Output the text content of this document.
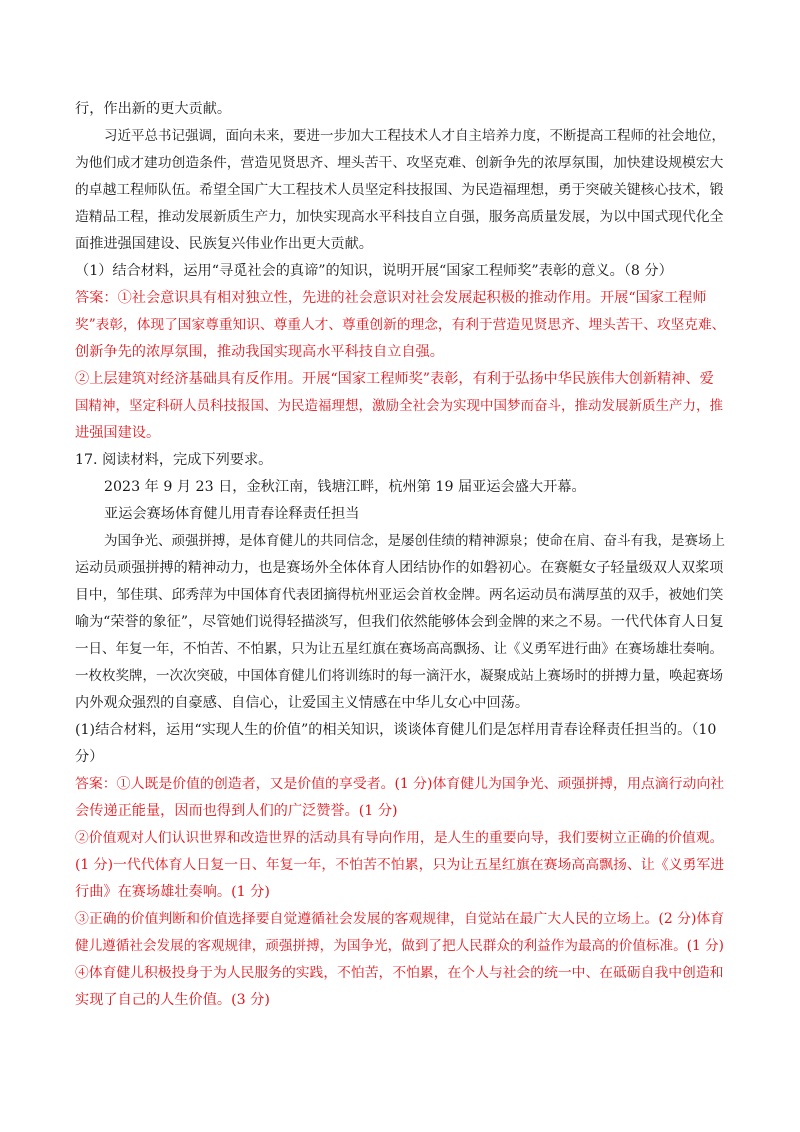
行，作出新的更大贡献。
习近平总书记强调，面向未来，要进一步加大工程技术人才自主培养力度，不断提高工程师的社会地位，
为他们成才建功创造条件，营造见贤思齐、埋头苦干、攻坚克难、创新争先的浓厚氛围，加快建设规模宏大
的卓越工程师队伍。希望全国广大工程技术人员坚定科技报国、为民造福理想，勇于突破关键核心技术，锻
造精品工程，推动发展新质生产力，加快实现高水平科技自立自强，服务高质量发展，为以中国式现代化全
面推进强国建设、民族复兴伟业作出更大贡献。
（1）结合材料，运用“寻觅社会的真谛”的知识，说明开展“国家工程师奖”表彰的意义。（8 分）
答案：①社会意识具有相对独立性，先进的社会意识对社会发展起积极的推动作用。开展“国家工程师
奖”表彰，体现了国家尊重知识、尊重人才、尊重创新的理念，有利于营造见贤思齐、埋头苦干、攻坚克难、
创新争先的浓厚氛围，推动我国实现高水平科技自立自强。
②上层建筑对经济基础具有反作用。开展“国家工程师奖”表彰，有利于弘扬中华民族伟大创新精神、爱
国精神，坚定科研人员科技报国、为民造福理想，激励全社会为实现中国梦而奋斗，推动发展新质生产力，推
进强国建设。
17. 阅读材料，完成下列要求。
2023 年 9 月 23 日，金秋江南，钱塘江畔，杭州第 19 届亚运会盛大开幕。
亚运会赛场体育健儿用青春诠释责任担当
为国争光、顽强拼搏，是体育健儿的共同信念，是屡创佳绩的精神源泉；使命在肩、奋斗有我，是赛场上
运动员顽强拼搏的精神动力，也是赛场外全体体育人团结协作的如磐初心。在赛艇女子轻量级双人双桨项
目中，邹佳琪、邱秀萍为中国体育代表团摘得杭州亚运会首枚金牌。两名运动员布满厚茧的双手，被她们笑
喻为“荣誉的象征”，尽管她们说得轻描淡写，但我们依然能够体会到金牌的来之不易。一代代体育人日复
一日、年复一年，不怕苦、不怕累，只为让五星红旗在赛场高高飘扬、让《义勇军进行曲》在赛场雄壮奏响。
一枚枚奖牌，一次次突破，中国体育健儿们将训练时的每一滴汗水，凝聚成站上赛场时的拼搏力量，唤起赛场
内外观众强烈的自豪感、自信心，让爱国主义情感在中华儿女心中回荡。
(1)结合材料，运用“实现人生的价值”的相关知识，谈谈体育健儿们是怎样用青春诠释责任担当的。（10
分）
答案：①人既是价值的创造者，又是价值的享受者。(1 分)体育健儿为国争光、顽强拼搏，用点滴行动向社
会传递正能量，因而也得到人们的广泛赞誉。(1 分)
②价值观对人们认识世界和改造世界的活动具有导向作用，是人生的重要向导，我们要树立正确的价值观。
(1 分)一代代体育人日复一日、年复一年，不怕苦不怕累，只为让五星红旗在赛场高高飘扬、让《义勇军进
行曲》在赛场雄壮奏响。(1 分)
③正确的价值判断和价值选择要自觉遵循社会发展的客观规律，自觉站在最广大人民的立场上。(2 分)体育
健儿遵循社会发展的客观规律，顽强拼搏，为国争光，做到了把人民群众的利益作为最高的价值标准。(1 分)
④体育健儿积极投身于为人民服务的实践，不怕苦，不怕累，在个人与社会的统一中、在砥砺自我中创造和
实现了自己的人生价值。(3 分)
